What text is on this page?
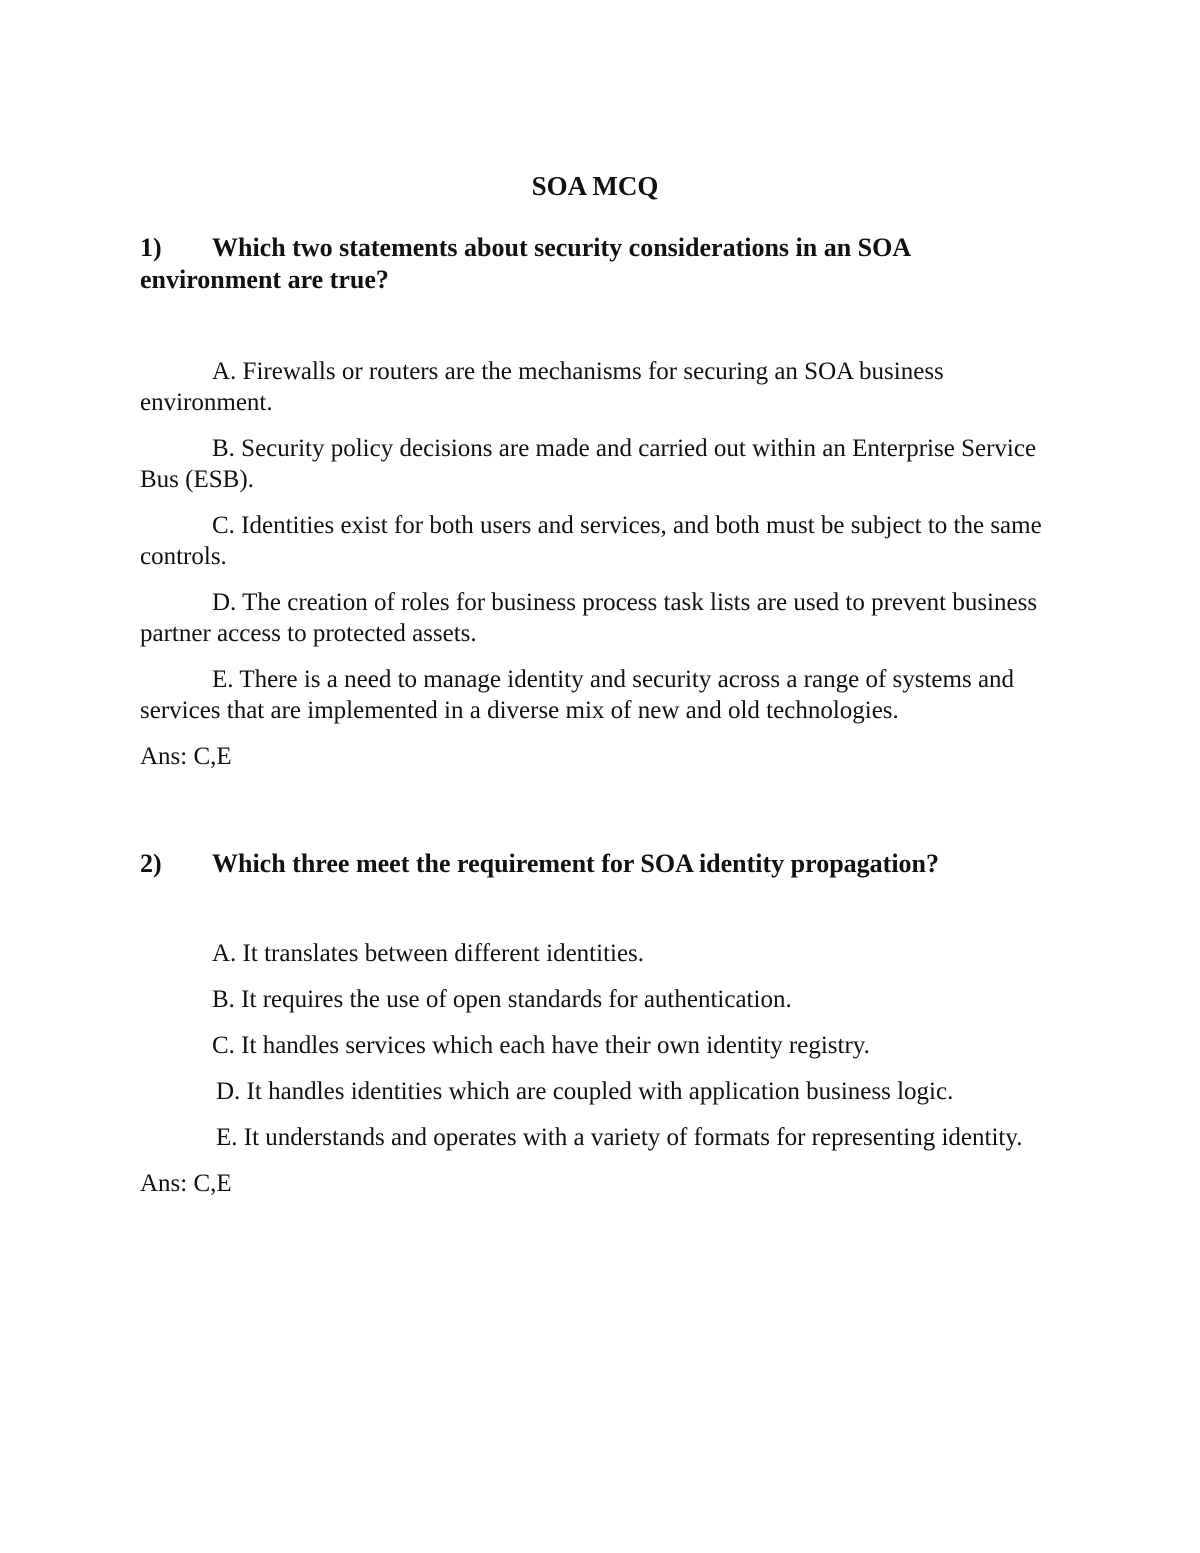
SOA MCQ
1) Which two statements about security considerations in an SOA environment are true?

A. Firewalls or routers are the mechanisms for securing an SOA business environment.

B. Security policy decisions are made and carried out within an Enterprise Service Bus (ESB).

C. Identities exist for both users and services, and both must be subject to the same controls.

D. The creation of roles for business process task lists are used to prevent business partner access to protected assets.

E. There is a need to manage identity and security across a range of systems and services that are implemented in a diverse mix of new and old technologies.

Ans: C,E
2) Which three meet the requirement for SOA identity propagation?

A. It translates between different identities.

B. It requires the use of open standards for authentication.

C. It handles services which each have their own identity registry.

D. It handles identities which are coupled with application business logic.

E. It understands and operates with a variety of formats for representing identity.

Ans: C,E
